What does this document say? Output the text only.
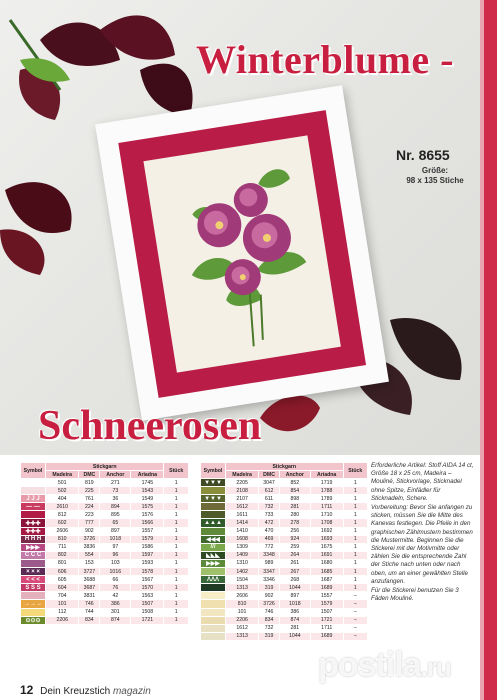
Winterblume -
Schneerosen
Nr. 8655
Größe:
98 x 135 Stiche
Symbol	Stickgarn				Stück
	Madeira	DMC	Anchor	Ariadna	
· ·	501	819	271	1745	1
	502	225	73	1543	1
J J J	404	761	36	1549	1
— —	2610	224	894	1575	1
	812	223	895	1576	1
✚✚✚	602	777	65	1566	1
✚✚✚	2606	902	897	1557	1
H H H	810	3726	1018	1579	1
▶▶▶	711	3836	97	1586	1
C C C	802	554	96	1597	1
	801	153	103	1593	1
× × ×	606	3727	1016	1578	1
< < <	605	3688	66	1567	1
S S S	604	3687	76	1570	1
	704	3831	42	1563	1
→→→	101	746	386	1507	1
	112	744	301	1508	1
⊙⊙⊙	2206	834	874	1721	1
Symbol	Stickgarn				Stück
	Madeira	DMC	Anchor	Ariadna	
▼▼▼	2205	3047	852	1719	1
	2108	612	854	1788	1
▼▼▼	2107	611	898	1789	1
	1612	732	281	1711	1
	1611	733	280	1710	1
▲▲▲	1414	472	278	1708	1
	1410	470	256	1692	1
◀◀◀	1608	469	924	1693	1
///	1309	772	259	1675	1
◣◣◣	1409	3348	264	1691	1
▶▶▶	1310	989	261	1680	1
	1402	3347	267	1685	1
ΛΛΛ	1504	3346	268	1687	1
	1313	319	1044	1689	1
	2606	902	897	1557	–
	810	3726	1018	1579	–
	101	746	386	1507	–
	2206	834	874	1721	–
	1612	732	281	1711	–
	1313	319	1044	1689	–

Erforderliche Artikel: Stoff AIDA 14 ct, Größe 18 x 25 cm, Madeira – Mouliné, Stickvorlage, Sticknadel ohne Spitze, Einfädler für Sticknadeln, Schere.

Vorbereitung: Bevor Sie anfangen zu sticken, müssen Sie die Mitte des Kanevas festlegen. Die Pfeile in den graphischen Zählmustern bestimmen die Mustermitte. Beginnen Sie die Stickerei mit der Motivmitte oder zählen Sie die entsprechende Zahl der Stiche nach unten oder nach oben, um an einer gewählten Stelle anzufangen.

Für die Stickerei benutzen Sie 3 Fäden Mouliné.

postila.ru
12 Dein Kreuzstich magazin
